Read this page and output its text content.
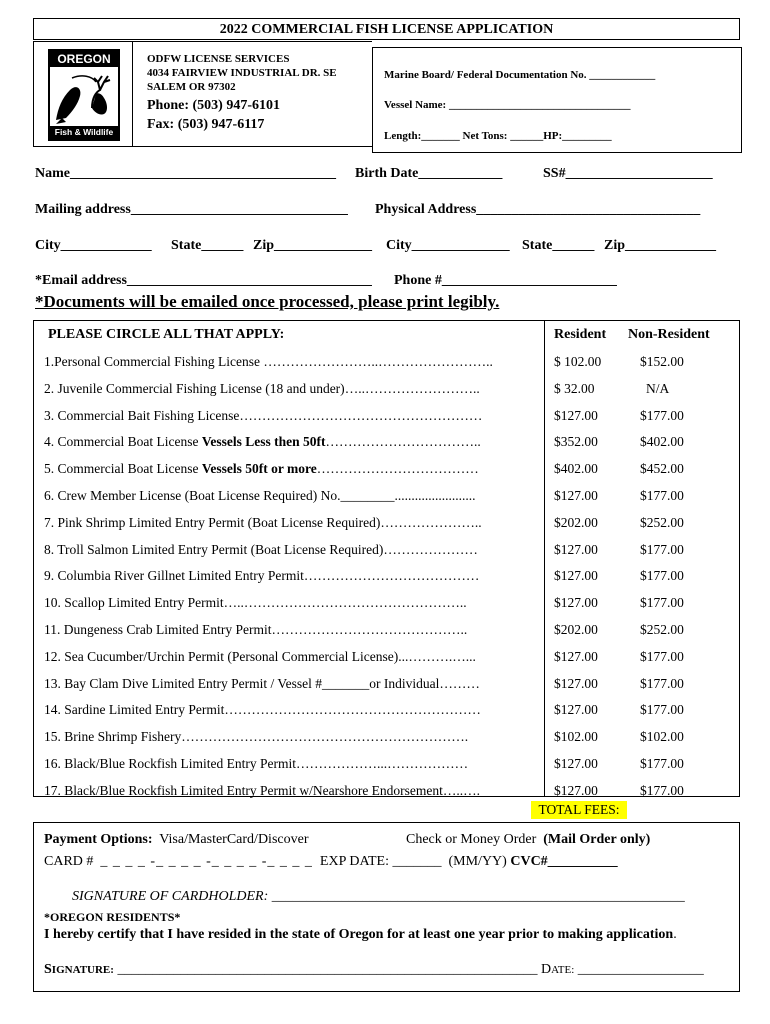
2022 COMMERCIAL FISH LICENSE APPLICATION
OREGON
Fish & Wildlife
ODFW LICENSE SERVICES
4034 FAIRVIEW INDUSTRIAL DR. SE
SALEM OR 97302
Phone: (503) 947-6101
Fax: (503) 947-6117
Marine Board/ Federal Documentation No. ____________
Vessel Name: _________________________________
Length:_______ Net Tons: ______HP:_________
Name______________________________________ Birth Date____________	SS#_____________________
Mailing address_______________________________ Physical Address________________________________
City_____________ State______ Zip______________ City______________ State______ Zip_____________
*Email address___________________________________ Phone #_________________________
*Documents will be emailed once processed, please print legibly.
PLEASE CIRCLE ALL THAT APPLY:	Resident Non-Resident
1.Personal Commercial Fishing License ……………………..……………………..	$ 102.00	$152.00
2. Juvenile Commercial Fishing License (18 and under)…..……………………..	$ 32.00	N/A
3. Commercial Bait Fishing License………………………………………………	$127.00	$177.00
4. Commercial Boat License Vessels Less then 50ft……………………………..	$352.00	$402.00
5. Commercial Boat License Vessels 50ft or more………………………………	$402.00	$452.00
6. Crew Member License (Boat License Required) No.________........................	$127.00	$177.00
7. Pink Shrimp Limited Entry Permit (Boat License Required)…………………..	$202.00	$252.00
8. Troll Salmon Limited Entry Permit (Boat License Required)…………………	$127.00	$177.00
9. Columbia River Gillnet Limited Entry Permit…………………………………	$127.00	$177.00
10. Scallop Limited Entry Permit…..…………………………………………..	$127.00	$177.00
11. Dungeness Crab Limited Entry Permit……………………………………..	$202.00	$252.00
12. Sea Cucumber/Urchin Permit (Personal Commercial License)...……….…...	$127.00	$177.00
13. Bay Clam Dive Limited Entry Permit / Vessel #_______or Individual………	$127.00	$177.00
14. Sardine Limited Entry Permit…………………………………………………	$127.00	$177.00
15. Brine Shrimp Fishery……………………………………………………….	$102.00	$102.00
16. Black/Blue Rockfish Limited Entry Permit………………...………………	$127.00	$177.00
17. Black/Blue Rockfish Limited Entry Permit w/Nearshore Endorsement…..….	$127.00	$177.00
TOTAL FEES:
Payment Options: Visa/MasterCard/Discover	Check or Money Order (Mail Order only)
CARD # _ _ _ _ -_ _ _ _ -_ _ _ _ -_ _ _ _ EXP DATE: _______ (MM/YY) CVC#__________
SIGNATURE OF CARDHOLDER: ___________________________________________________________
*OREGON RESIDENTS*
I hereby certify that I have resided in the state of Oregon for at least one year prior to making application.
SIGNATURE: ____________________________________________________________ DATE: __________________
